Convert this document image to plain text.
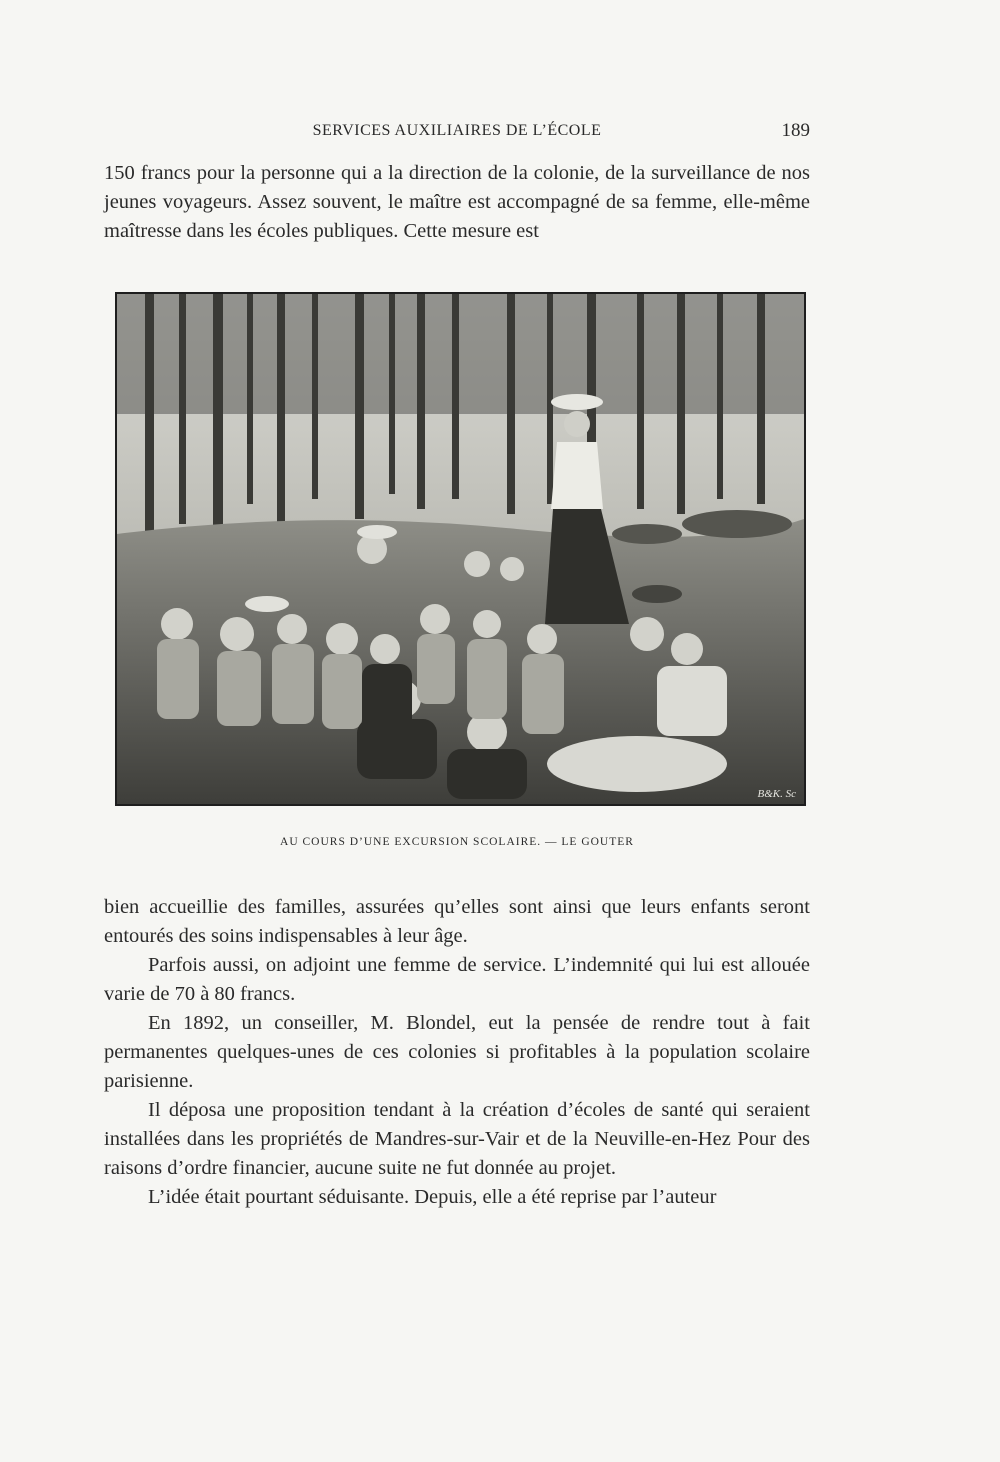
SERVICES AUXILIAIRES DE L’ÉCOLE	189

150 francs pour la personne qui a la direction de la colonie, de la surveillance de nos jeunes voyageurs. Assez souvent, le maître est accompagné de sa femme, elle-même maîtresse dans les écoles publiques. Cette mesure est

B&K. Sc
AU COURS D’UNE EXCURSION SCOLAIRE. — LE GOUTER

bien accueillie des familles, assurées qu’elles sont ainsi que leurs enfants seront entourés des soins indispensables à leur âge.

Parfois aussi, on adjoint une femme de service. L’indemnité qui lui est allouée varie de 70 à 80 francs.

En 1892, un conseiller, M. Blondel, eut la pensée de rendre tout à fait permanentes quelques-unes de ces colonies si profitables à la population scolaire parisienne.

Il déposa une proposition tendant à la création d’écoles de santé qui seraient installées dans les propriétés de Mandres-sur-Vair et de la Neuville-en-Hez Pour des raisons d’ordre financier, aucune suite ne fut donnée au projet.

L’idée était pourtant séduisante. Depuis, elle a été reprise par l’auteur
